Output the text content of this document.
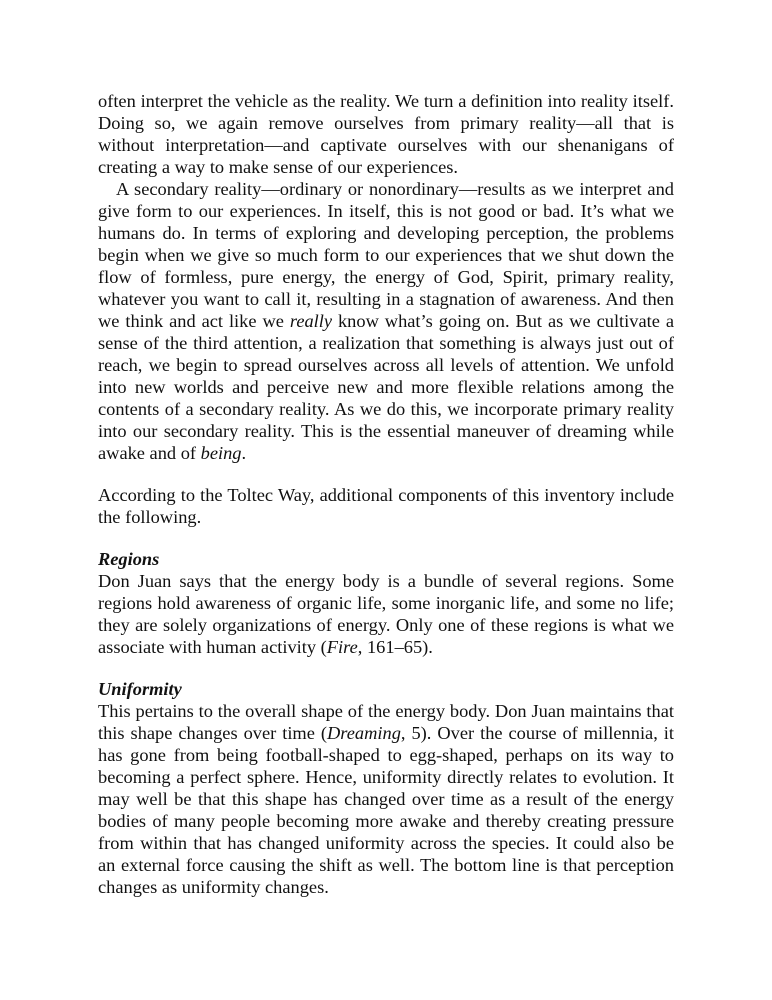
often interpret the vehicle as the reality. We turn a definition into reality itself. Doing so, we again remove ourselves from primary reality—all that is without interpretation—and captivate ourselves with our shenanigans of creating a way to make sense of our experiences.

A secondary reality—ordinary or nonordinary—results as we interpret and give form to our experiences. In itself, this is not good or bad. It’s what we humans do. In terms of exploring and developing perception, the problems begin when we give so much form to our experiences that we shut down the flow of formless, pure energy, the energy of God, Spirit, primary reality, whatever you want to call it, resulting in a stagnation of awareness. And then we think and act like we really know what’s going on. But as we cultivate a sense of the third attention, a realization that something is always just out of reach, we begin to spread ourselves across all levels of attention. We unfold into new worlds and perceive new and more flexible relations among the contents of a secondary reality. As we do this, we incorporate primary reality into our secondary reality. This is the essential maneuver of dreaming while awake and of being.

According to the Toltec Way, additional components of this inventory include the following.

Regions

Don Juan says that the energy body is a bundle of several regions. Some regions hold awareness of organic life, some inorganic life, and some no life; they are solely organizations of energy. Only one of these regions is what we associate with human activity (Fire, 161–65).

Uniformity

This pertains to the overall shape of the energy body. Don Juan maintains that this shape changes over time (Dreaming, 5). Over the course of millennia, it has gone from being football-shaped to egg-shaped, perhaps on its way to becoming a perfect sphere. Hence, uniformity directly relates to evolution. It may well be that this shape has changed over time as a result of the energy bodies of many people becoming more awake and thereby creating pressure from within that has changed uniformity across the species. It could also be an external force causing the shift as well. The bottom line is that perception changes as uniformity changes.
